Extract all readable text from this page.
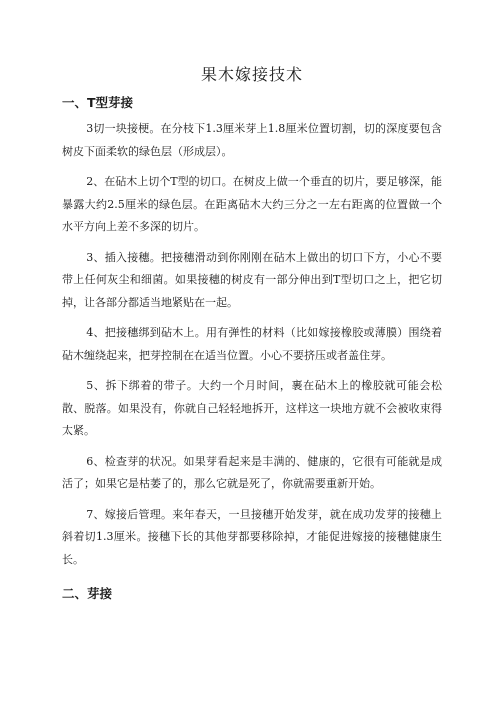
果木嫁接技术
一、T型芽接

3切一块接梗。在分枝下1.3厘米芽上1.8厘米位置切割，切的深度要包含树皮下面柔软的绿色层（形成层）。

2、在砧木上切个T型的切口。在树皮上做一个垂直的切片，要足够深，能暴露大约2.5厘米的绿色层。在距离砧木大约三分之一左右距离的位置做一个水平方向上差不多深的切片。

3、插入接穗。把接穗滑动到你刚刚在砧木上做出的切口下方，小心不要带上任何灰尘和细菌。如果接穗的树皮有一部分伸出到T型切口之上，把它切掉，让各部分都适当地紧贴在一起。

4、把接穗绑到砧木上。用有弹性的材料（比如嫁接橡胶或薄膜）围绕着砧木缠绕起来，把芽控制在在适当位置。小心不要挤压或者盖住芽。

5、拆下绑着的带子。大约一个月时间，裹在砧木上的橡胶就可能会松散、脱落。如果没有，你就自己轻轻地拆开，这样这一块地方就不会被收束得太紧。

6、检查芽的状况。如果芽看起来是丰满的、健康的，它很有可能就是成活了；如果它是枯萎了的，那么它就是死了，你就需要重新开始。

7、嫁接后管理。来年春天，一旦接穗开始发芽，就在成功发芽的接穗上斜着切1.3厘米。接穗下长的其他芽都要移除掉，才能促进嫁接的接穗健康生长。

二、芽接
